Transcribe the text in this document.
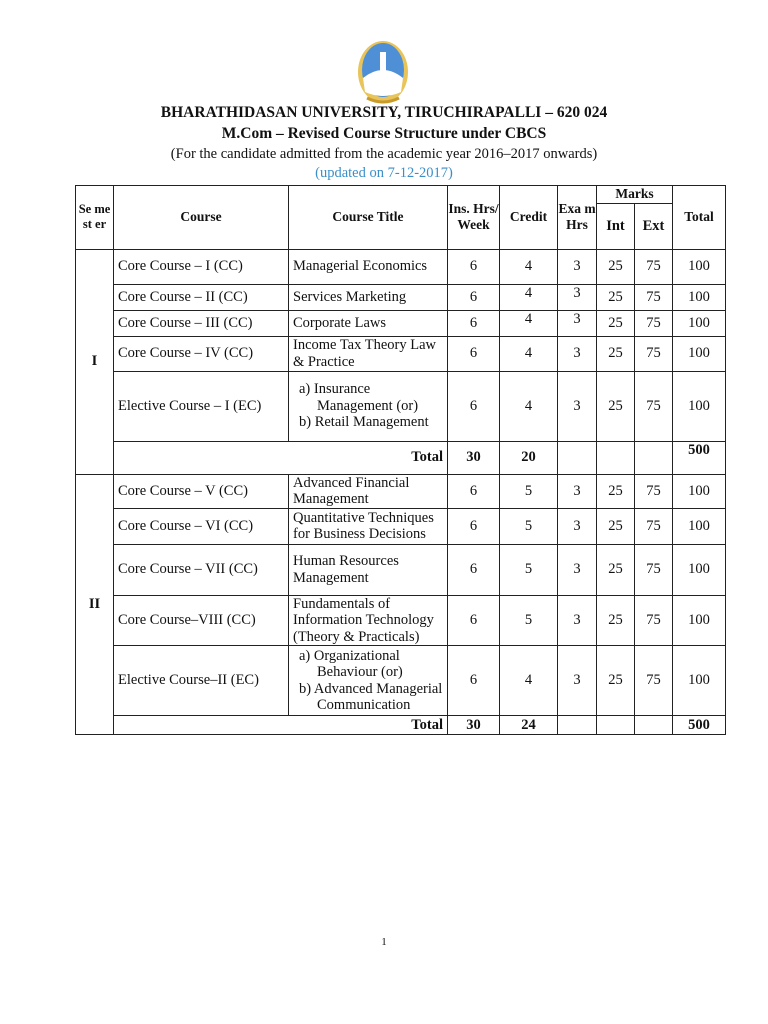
BHARATHIDASAN UNIVERSITY, TIRUCHIRAPALLI – 620 024
M.Com – Revised Course Structure under CBCS
(For the candidate admitted from the academic year 2016–2017 onwards)
(updated on 7-12-2017)
Se me st er	Course	Course Title	Ins. Hrs/ Week	Credit	Exa m Hrs	Marks		Total
						Int	Ext	
I	Core Course – I (CC)	Managerial Economics	6	4	3	25	75	100
	Core Course – II (CC)	Services Marketing	6	4	3	25	75	100
	Core Course – III (CC)	Corporate Laws	6	4	3	25	75	100
	Core Course – IV (CC)	Income Tax Theory Law & Practice	6	4	3	25	75	100
	Elective Course – I (EC)	a) Insurance Management (or)
b) Retail Management	6	4	3	25	75	100
	Total		30	20				500
II	Core Course – V (CC)	Advanced Financial Management	6	5	3	25	75	100
	Core Course – VI (CC)	Quantitative Techniques for Business Decisions	6	5	3	25	75	100
	Core Course – VII (CC)	Human Resources Management	6	5	3	25	75	100
	Core Course–VIII (CC)	Fundamentals of Information Technology (Theory & Practicals)	6	5	3	25	75	100
	Elective Course–II (EC)	a) Organizational Behaviour (or)
b) Advanced Managerial Communication	6	4	3	25	75	100
	Total		30	24				500
1
